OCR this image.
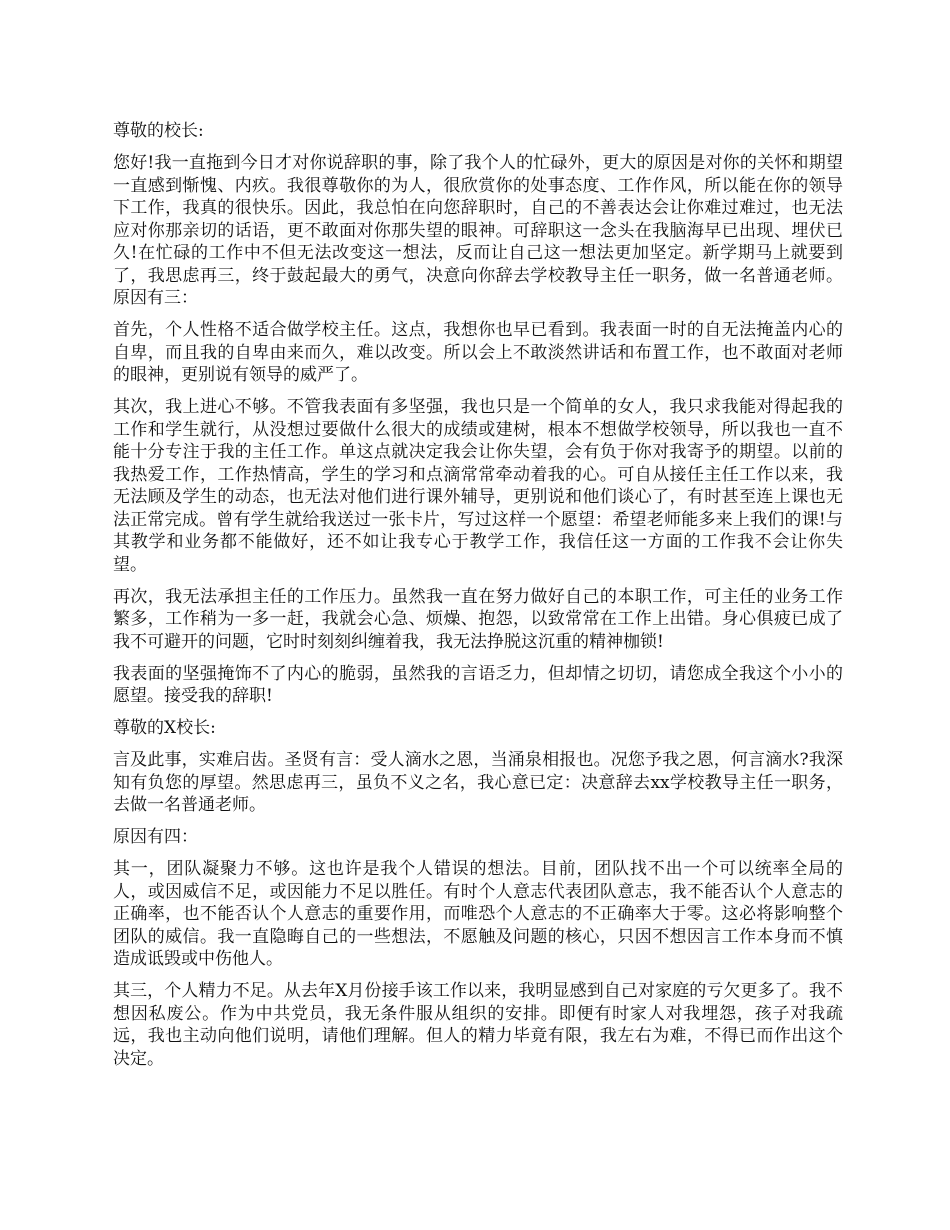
尊敬的校长:

您好!我一直拖到今日才对你说辞职的事，除了我个人的忙碌外，更大的原因是对你的关怀和期望一直感到惭愧、内疚。我很尊敬你的为人，很欣赏你的处事态度、工作作风，所以能在你的领导下工作，我真的很快乐。因此，我总怕在向您辞职时，自己的不善表达会让你难过难过，也无法应对你那亲切的话语，更不敢面对你那失望的眼神。可辞职这一念头在我脑海早已出现、埋伏已久!在忙碌的工作中不但无法改变这一想法，反而让自己这一想法更加坚定。新学期马上就要到了，我思虑再三，终于鼓起最大的勇气，决意向你辞去学校教导主任一职务，做一名普通老师。原因有三：

首先，个人性格不适合做学校主任。这点，我想你也早已看到。我表面一时的自无法掩盖内心的自卑，而且我的自卑由来而久，难以改变。所以会上不敢淡然讲话和布置工作，也不敢面对老师的眼神，更别说有领导的威严了。

其次，我上进心不够。不管我表面有多坚强，我也只是一个简单的女人，我只求我能对得起我的工作和学生就行，从没想过要做什么很大的成绩或建树，根本不想做学校领导，所以我也一直不能十分专注于我的主任工作。单这点就决定我会让你失望，会有负于你对我寄予的期望。以前的我热爱工作，工作热情高，学生的学习和点滴常常牵动着我的心。可自从接任主任工作以来，我无法顾及学生的动态，也无法对他们进行课外辅导，更别说和他们谈心了，有时甚至连上课也无法正常完成。曾有学生就给我送过一张卡片，写过这样一个愿望：希望老师能多来上我们的课!与其教学和业务都不能做好，还不如让我专心于教学工作，我信任这一方面的工作我不会让你失望。

再次，我无法承担主任的工作压力。虽然我一直在努力做好自己的本职工作，可主任的业务工作繁多，工作稍为一多一赶，我就会心急、烦燥、抱怨，以致常常在工作上出错。身心俱疲已成了我不可避开的问题，它时时刻刻纠缠着我，我无法挣脱这沉重的精神枷锁!

我表面的坚强掩饰不了内心的脆弱，虽然我的言语乏力，但却情之切切，请您成全我这个小小的愿望。接受我的辞职!

尊敬的X校长:

言及此事，实难启齿。圣贤有言：受人滴水之恩，当涌泉相报也。况您予我之恩，何言滴水?我深知有负您的厚望。然思虑再三，虽负不义之名，我心意已定：决意辞去xx学校教导主任一职务，去做一名普通老师。

原因有四：

其一，团队凝聚力不够。这也许是我个人错误的想法。目前，团队找不出一个可以统率全局的人，或因威信不足，或因能力不足以胜任。有时个人意志代表团队意志，我不能否认个人意志的正确率，也不能否认个人意志的重要作用，而唯恐个人意志的不正确率大于零。这必将影响整个团队的威信。我一直隐晦自己的一些想法，不愿触及问题的核心，只因不想因言工作本身而不慎造成诋毁或中伤他人。

其三，个人精力不足。从去年X月份接手该工作以来，我明显感到自己对家庭的亏欠更多了。我不想因私废公。作为中共党员，我无条件服从组织的安排。即便有时家人对我埋怨，孩子对我疏远，我也主动向他们说明，请他们理解。但人的精力毕竟有限，我左右为难，不得已而作出这个决定。
